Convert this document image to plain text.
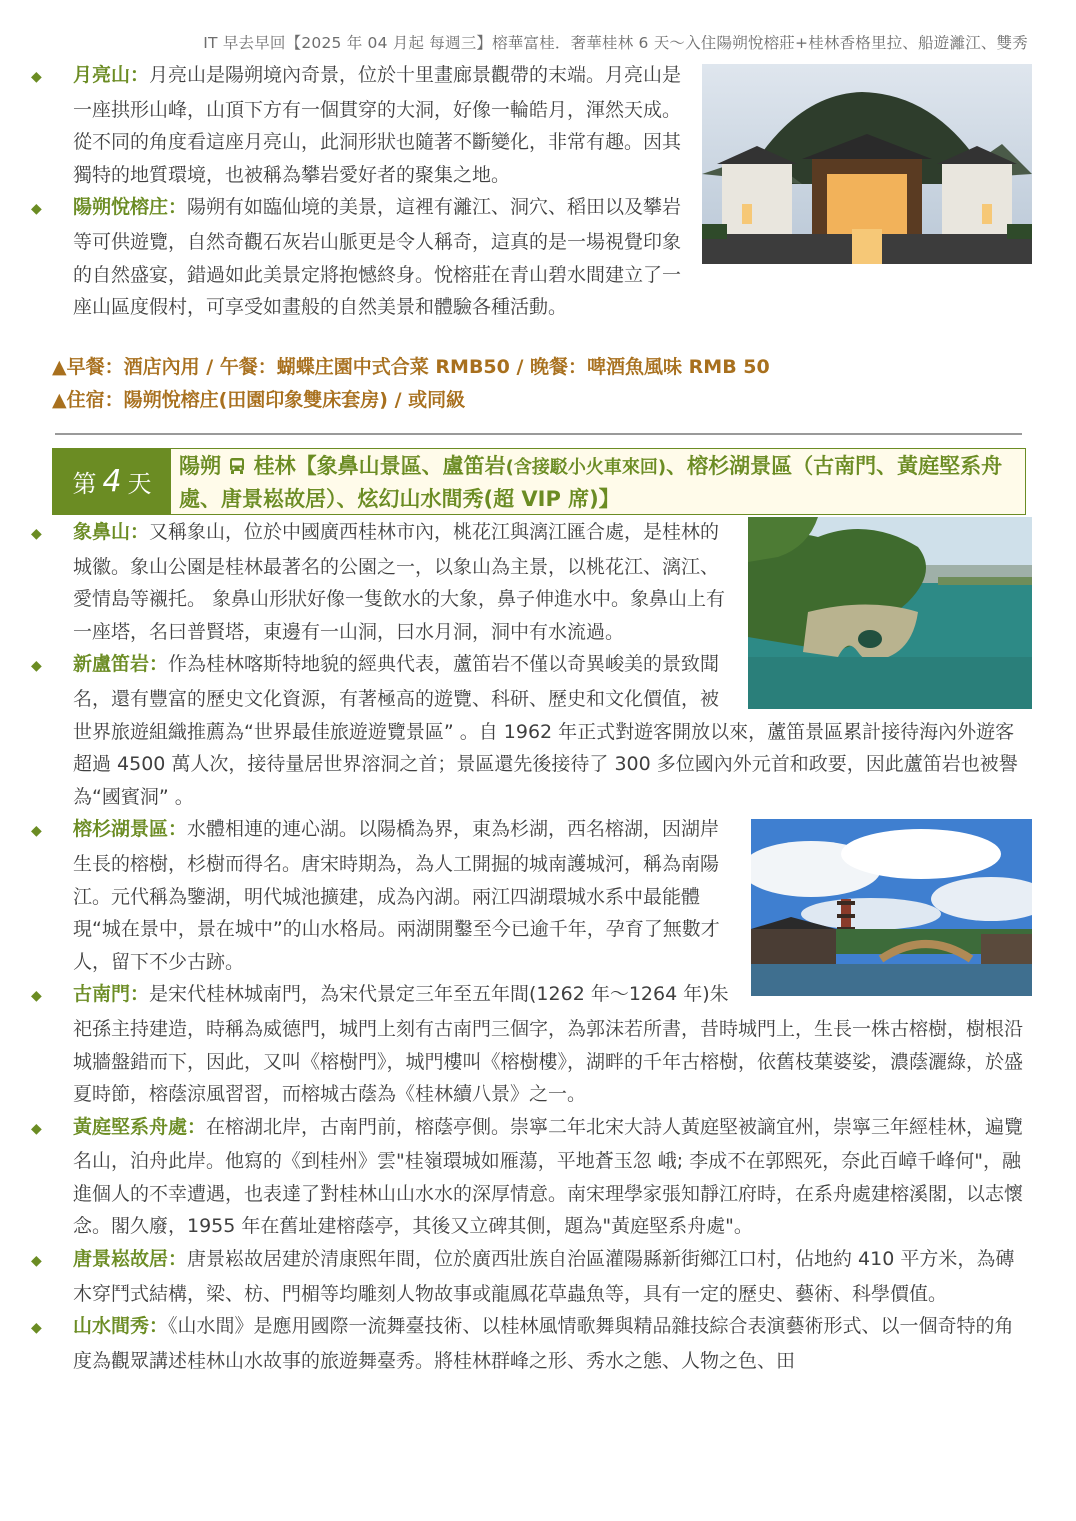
IT 早去早回【2025 年 04 月起 每週三】榕華富桂．奢華桂林 6 天～入住陽朔悅榕莊+桂林香格里拉、船遊灕江、雙秀

◆ 月亮山：月亮山是陽朔境內奇景，位於十里畫廊景觀帶的末端。月亮山是一座拱形山峰，山頂下方有一個貫穿的大洞，好像一輪皓月，渾然天成。從不同的角度看這座月亮山，此洞形狀也隨著不斷變化，非常有趣。因其獨特的地質環境，也被稱為攀岩愛好者的聚集之地。

◆ 陽朔悅榕庄：陽朔有如臨仙境的美景，這裡有灕江、洞穴、稻田以及攀岩等可供遊覽，自然奇觀石灰岩山脈更是令人稱奇，這真的是一場視覺印象的自然盛宴，錯過如此美景定將抱憾終身。悅榕莊在青山碧水間建立了一座山區度假村，可享受如畫般的自然美景和體驗各種活動。

▲早餐：酒店內用 / 午餐：蝴蝶庄園中式合菜 RMB50 / 晚餐：啤酒魚風味 RMB 50
▲住宿：陽朔悅榕庄(田園印象雙床套房) / 或同級
第 4 天
陽朔 桂林【象鼻山景區、盧笛岩(含接駁小火車來回)、榕杉湖景區（古南門、黃庭堅系舟處、唐景崧故居）、炫幻山水間秀(超 VIP 席)】

◆ 象鼻山：又稱象山，位於中國廣西桂林市內，桃花江與漓江匯合處，是桂林的城徽。象山公園是桂林最著名的公園之一，以象山為主景，以桃花江、漓江、愛情島等襯托。 象鼻山形狀好像一隻飲水的大象，鼻子伸進水中。象鼻山上有一座塔，名曰普賢塔，東邊有一山洞，曰水月洞，洞中有水流過。

◆ 新盧笛岩：作為桂林喀斯特地貌的經典代表，蘆笛岩不僅以奇異峻美的景致聞名，還有豐富的歷史文化資源，有著極高的遊覽、科研、歷史和文化價值，被世界旅遊組織推薦為“世界最佳旅遊遊覽景區” 。自 1962 年正式對遊客開放以來，蘆笛景區累計接待海內外遊客超過 4500 萬人次，接待量居世界溶洞之首；景區還先後接待了 300 多位國內外元首和政要，因此蘆笛岩也被譽為“國賓洞” 。

◆ 榕杉湖景區：水體相連的連心湖。以陽橋為界，東為杉湖，西名榕湖，因湖岸生長的榕樹，杉樹而得名。唐宋時期為，為人工開掘的城南護城河，稱為南陽江。元代稱為鑒湖，明代城池擴建，成為內湖。兩江四湖環城水系中最能體現“城在景中，景在城中”的山水格局。兩湖開鑿至今已逾千年，孕育了無數才人，留下不少古跡。

◆ 古南門：是宋代桂林城南門，為宋代景定三年至五年間(1262 年～1264 年)朱祀孫主持建造，時稱為威德門，城門上刻有古南門三個字，為郭沫若所書，昔時城門上，生長一株古榕樹，樹根沿城牆盤錯而下，因此，又叫《榕樹門》，城門樓叫《榕樹樓》，湖畔的千年古榕樹，依舊枝葉婆娑，濃蔭灑綠，於盛夏時節，榕蔭涼風習習，而榕城古蔭為《桂林續八景》之一。

◆ 黃庭堅系舟處：在榕湖北岸，古南門前，榕蔭亭側。崇寧二年北宋大詩人黃庭堅被謫宜州，崇寧三年經桂林，遍覽名山，泊舟此岸。他寫的《到桂州》雲"桂嶺環城如雁蕩，平地蒼玉忽 峨; 李成不在郭熙死，奈此百嶂千峰何"，融進個人的不幸遭遇，也表達了對桂林山山水水的深厚情意。南宋理學家張知靜江府時，在系舟處建榕溪閣，以志懷念。閣久廢，1955 年在舊址建榕蔭亭，其後又立碑其側，題為"黃庭堅系舟處"。

◆ 唐景崧故居：唐景崧故居建於清康熙年間，位於廣西壯族自治區灌陽縣新街鄉江口村，佔地約 410 平方米，為磚木穿鬥式結構，梁、枋、門楣等均雕刻人物故事或龍鳳花草蟲魚等，具有一定的歷史、藝術、科學價值。

◆ 山水間秀：《山水間》是應用國際一流舞臺技術、以桂林風情歌舞與精品雜技綜合表演藝術形式、以一個奇特的角度為觀眾講述桂林山水故事的旅遊舞臺秀。將桂林群峰之形、秀水之態、人物之色、田
